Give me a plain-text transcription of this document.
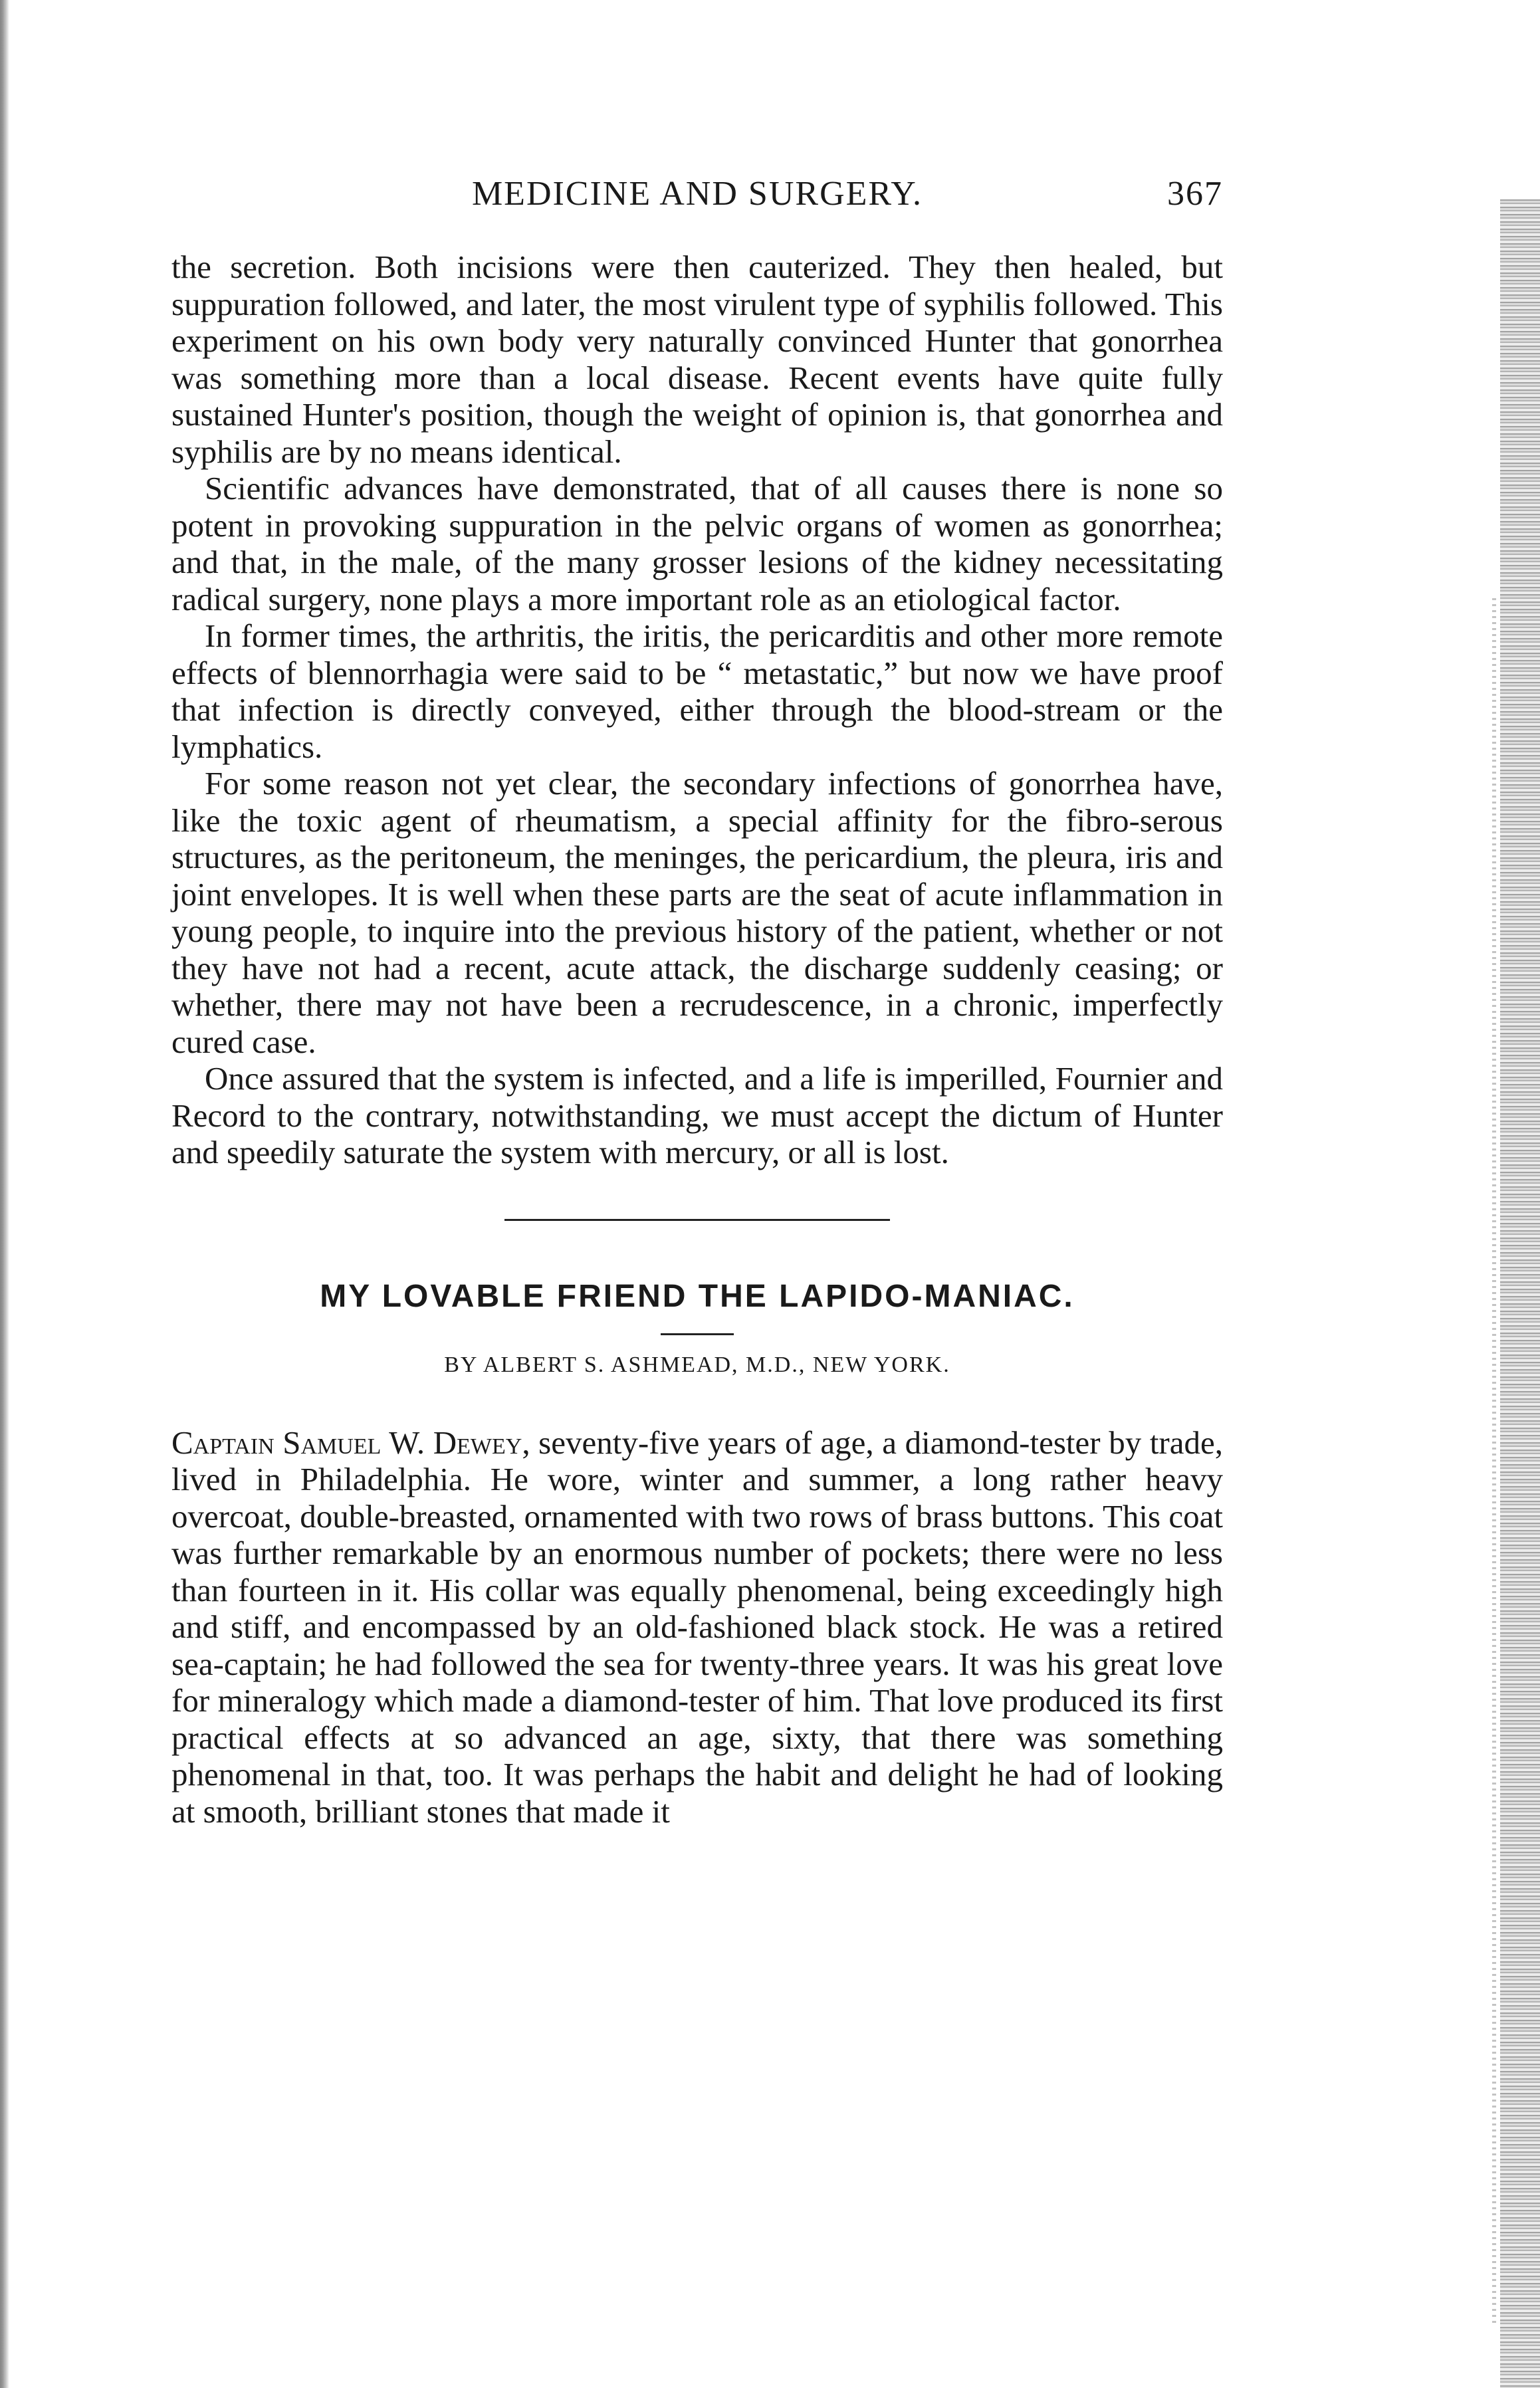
MEDICINE AND SURGERY.	367

the secretion. Both incisions were then cauterized. They then healed, but suppuration followed, and later, the most virulent type of syphilis followed. This experiment on his own body very naturally convinced Hunter that gonorrhea was something more than a local disease. Recent events have quite fully sustained Hunter's position, though the weight of opinion is, that gonorrhea and syphilis are by no means identical.

Scientific advances have demonstrated, that of all causes there is none so potent in provoking suppuration in the pelvic organs of women as gonorrhea; and that, in the male, of the many grosser lesions of the kidney necessitating radical surgery, none plays a more important role as an etiological factor.

In former times, the arthritis, the iritis, the pericarditis and other more remote effects of blennorrhagia were said to be “ metastatic,” but now we have proof that infection is directly conveyed, either through the blood-stream or the lymphatics.

For some reason not yet clear, the secondary infections of gonorrhea have, like the toxic agent of rheumatism, a special affinity for the fibro-serous structures, as the peritoneum, the meninges, the pericardium, the pleura, iris and joint envelopes. It is well when these parts are the seat of acute inflammation in young people, to inquire into the previous history of the patient, whether or not they have not had a recent, acute attack, the discharge suddenly ceasing; or whether, there may not have been a recrudescence, in a chronic, imperfectly cured case.

Once assured that the system is infected, and a life is imperilled, Fournier and Record to the contrary, notwithstanding, we must accept the dictum of Hunter and speedily saturate the system with mercury, or all is lost.

MY LOVABLE FRIEND THE LAPIDO-MANIAC.
BY ALBERT S. ASHMEAD, M.D., NEW YORK.

Captain Samuel W. Dewey, seventy-five years of age, a diamond-tester by trade, lived in Philadelphia. He wore, winter and summer, a long rather heavy overcoat, double-breasted, ornamented with two rows of brass buttons. This coat was further remarkable by an enormous number of pockets; there were no less than fourteen in it. His collar was equally phenomenal, being exceedingly high and stiff, and encompassed by an old-fashioned black stock. He was a retired sea-captain; he had followed the sea for twenty-three years. It was his great love for mineralogy which made a diamond-tester of him. That love produced its first practical effects at so advanced an age, sixty, that there was something phenomenal in that, too. It was perhaps the habit and delight he had of looking at smooth, brilliant stones that made it
